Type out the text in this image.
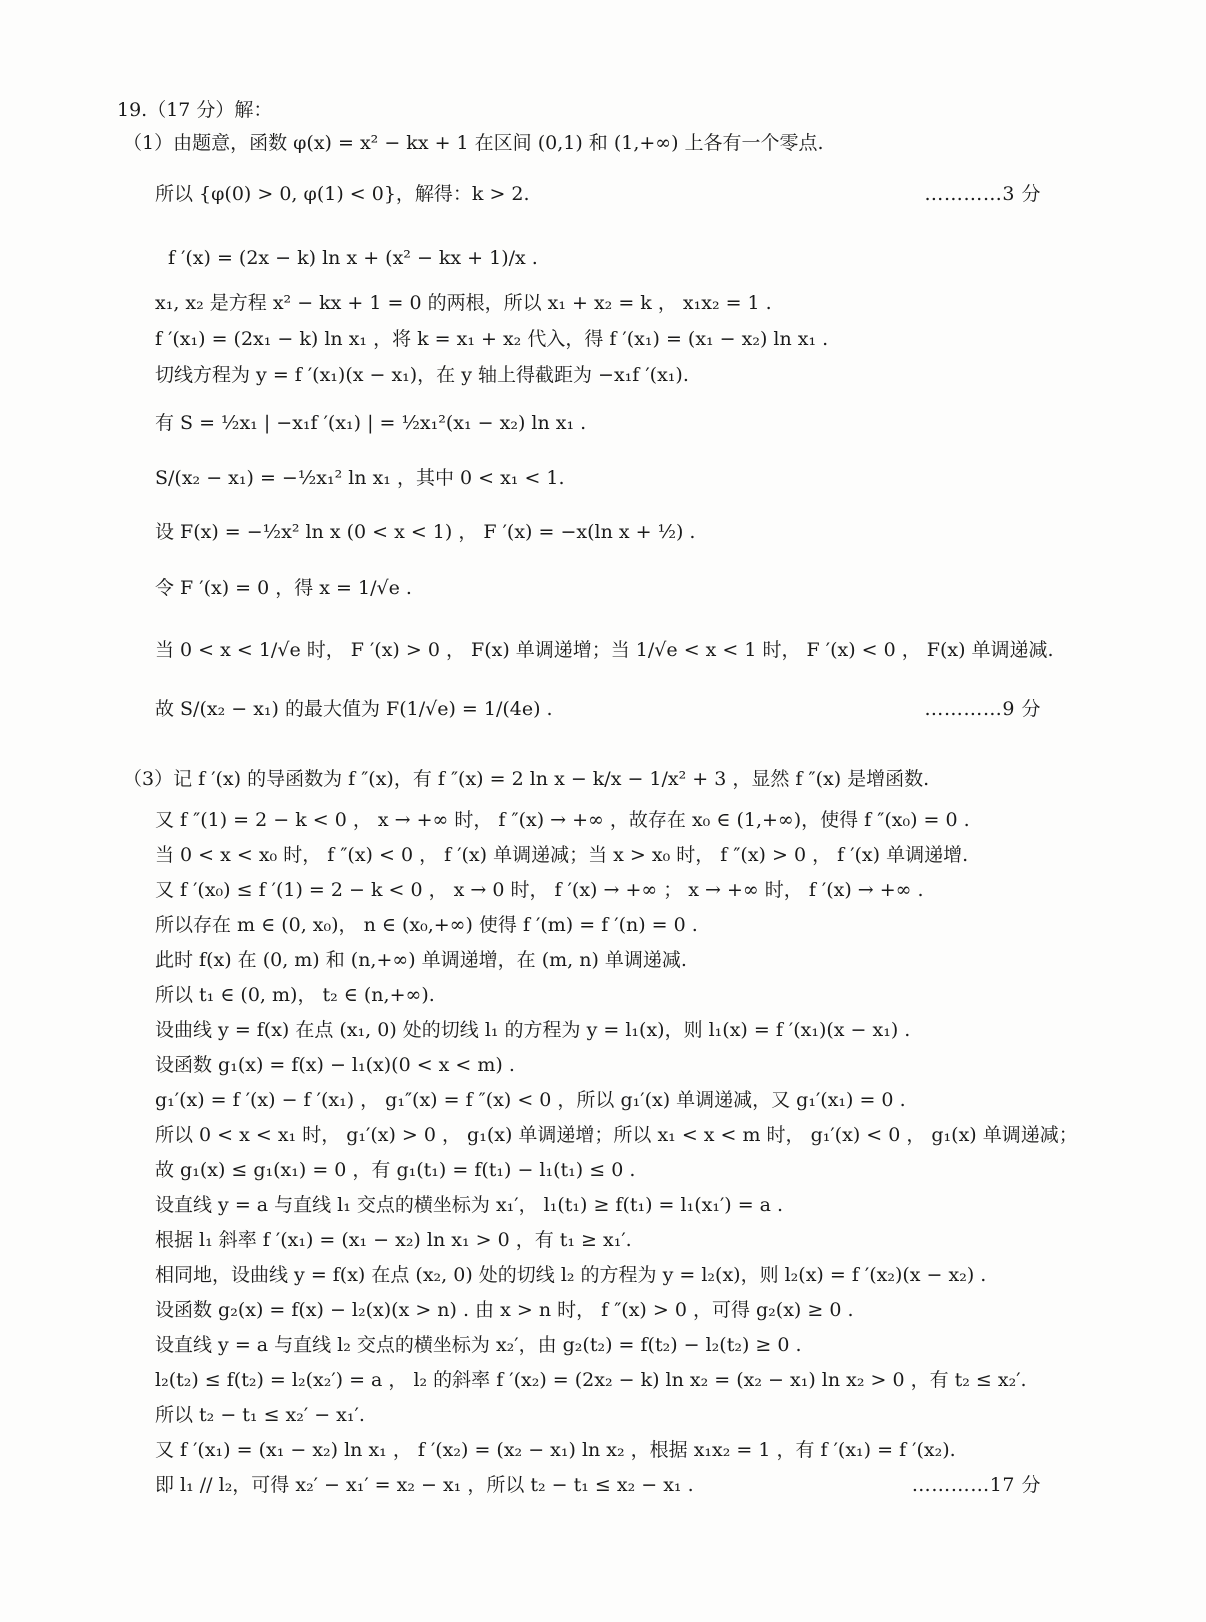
19.（17 分）解：
（1）由题意，函数 φ(x) = x² − kx + 1 在区间 (0,1) 和 (1,+∞) 上各有一个零点.
所以 {φ(0) > 0, φ(1) < 0}，解得：k > 2.	…………3 分
f ′(x) = (2x − k) ln x + (x² − kx + 1)/x .
x₁, x₂ 是方程 x² − kx + 1 = 0 的两根，所以 x₁ + x₂ = k ， x₁x₂ = 1 .
f ′(x₁) = (2x₁ − k) ln x₁ ，将 k = x₁ + x₂ 代入，得 f ′(x₁) = (x₁ − x₂) ln x₁ .
切线方程为 y = f ′(x₁)(x − x₁)，在 y 轴上得截距为 −x₁f ′(x₁).
有 S = ½x₁ | −x₁f ′(x₁) | = ½x₁²(x₁ − x₂) ln x₁ .
S/(x₂ − x₁) = −½x₁² ln x₁ ，其中 0 < x₁ < 1.
设 F(x) = −½x² ln x (0 < x < 1) ， F ′(x) = −x(ln x + ½) .
令 F ′(x) = 0 ，得 x = 1/√e .
当 0 < x < 1/√e 时， F ′(x) > 0 ， F(x) 单调递增；当 1/√e < x < 1 时， F ′(x) < 0 ， F(x) 单调递减.
故 S/(x₂ − x₁) 的最大值为 F(1/√e) = 1/(4e) .	…………9 分
（3）记 f ′(x) 的导函数为 f ″(x)，有 f ″(x) = 2 ln x − k/x − 1/x² + 3 ，显然 f ″(x) 是增函数.
又 f ″(1) = 2 − k < 0 ， x → +∞ 时， f ″(x) → +∞ ，故存在 x₀ ∈ (1,+∞)，使得 f ″(x₀) = 0 .
当 0 < x < x₀ 时， f ″(x) < 0 ， f ′(x) 单调递减；当 x > x₀ 时， f ″(x) > 0 ， f ′(x) 单调递增.
又 f ′(x₀) ≤ f ′(1) = 2 − k < 0 ， x → 0 时， f ′(x) → +∞ ； x → +∞ 时， f ′(x) → +∞ .
所以存在 m ∈ (0, x₀)， n ∈ (x₀,+∞) 使得 f ′(m) = f ′(n) = 0 .
此时 f(x) 在 (0, m) 和 (n,+∞) 单调递增，在 (m, n) 单调递减.
所以 t₁ ∈ (0, m)， t₂ ∈ (n,+∞).
设曲线 y = f(x) 在点 (x₁, 0) 处的切线 l₁ 的方程为 y = l₁(x)，则 l₁(x) = f ′(x₁)(x − x₁) .
设函数 g₁(x) = f(x) − l₁(x)(0 < x < m) .
g₁′(x) = f ′(x) − f ′(x₁) ， g₁″(x) = f ″(x) < 0 ，所以 g₁′(x) 单调递减，又 g₁′(x₁) = 0 .
所以 0 < x < x₁ 时， g₁′(x) > 0 ， g₁(x) 单调递增；所以 x₁ < x < m 时， g₁′(x) < 0 ， g₁(x) 单调递减；
故 g₁(x) ≤ g₁(x₁) = 0 ，有 g₁(t₁) = f(t₁) − l₁(t₁) ≤ 0 .
设直线 y = a 与直线 l₁ 交点的横坐标为 x₁′， l₁(t₁) ≥ f(t₁) = l₁(x₁′) = a .
根据 l₁ 斜率 f ′(x₁) = (x₁ − x₂) ln x₁ > 0 ，有 t₁ ≥ x₁′.
相同地，设曲线 y = f(x) 在点 (x₂, 0) 处的切线 l₂ 的方程为 y = l₂(x)，则 l₂(x) = f ′(x₂)(x − x₂) .
设函数 g₂(x) = f(x) − l₂(x)(x > n) . 由 x > n 时， f ″(x) > 0 ，可得 g₂(x) ≥ 0 .
设直线 y = a 与直线 l₂ 交点的横坐标为 x₂′，由 g₂(t₂) = f(t₂) − l₂(t₂) ≥ 0 .
l₂(t₂) ≤ f(t₂) = l₂(x₂′) = a ， l₂ 的斜率 f ′(x₂) = (2x₂ − k) ln x₂ = (x₂ − x₁) ln x₂ > 0 ，有 t₂ ≤ x₂′.
所以 t₂ − t₁ ≤ x₂′ − x₁′.
又 f ′(x₁) = (x₁ − x₂) ln x₁ ， f ′(x₂) = (x₂ − x₁) ln x₂ ，根据 x₁x₂ = 1 ，有 f ′(x₁) = f ′(x₂).
即 l₁ // l₂，可得 x₂′ − x₁′ = x₂ − x₁ ，所以 t₂ − t₁ ≤ x₂ − x₁ .	…………17 分
